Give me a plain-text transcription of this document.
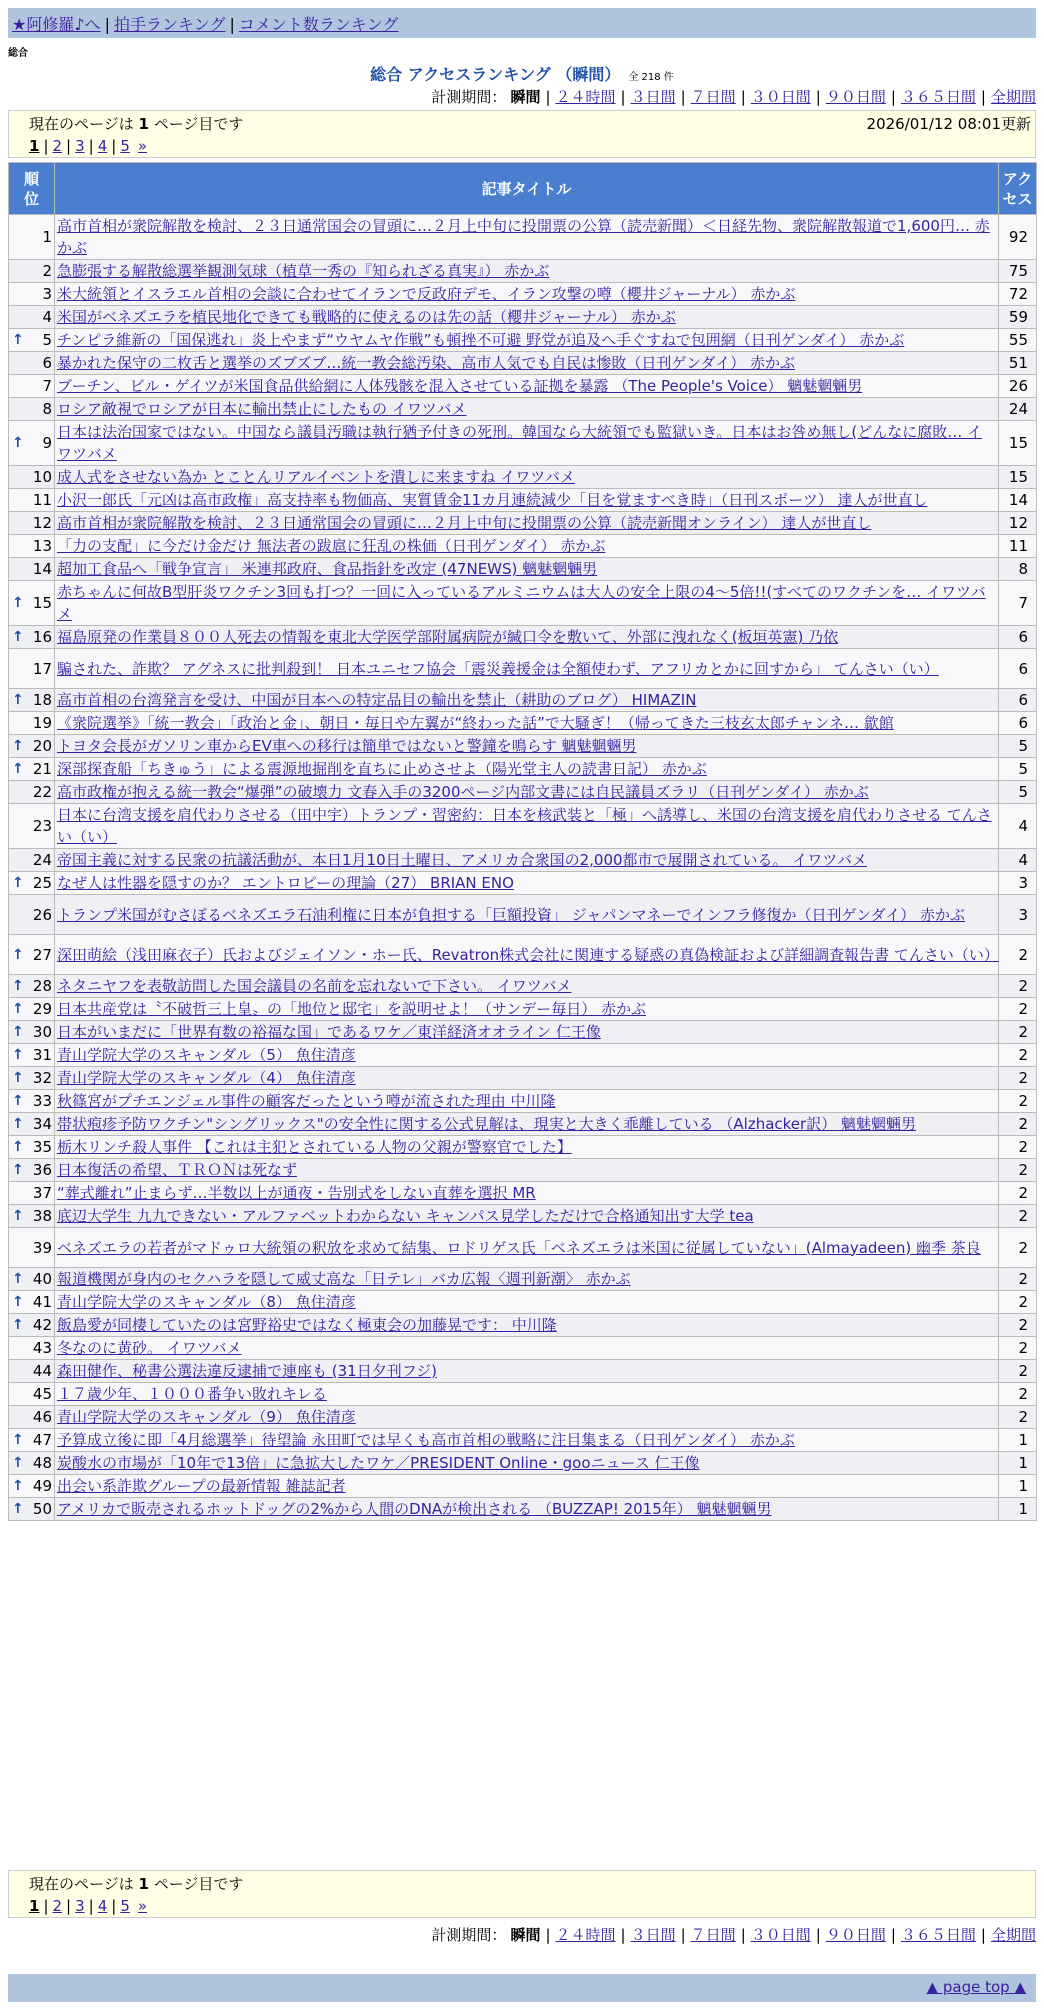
★阿修羅♪へ | 拍手ランキング | コメント数ランキング
総合
総合 アクセスランキング （瞬間） 全 218 件
計測期間： 瞬間 | ２４時間 | ３日間 | ７日間 | ３０日間 | ９０日間 | ３６５日間 | 全期間
現在のページは 1 ページ目です	2026/01/12 08:01更新
1 | 2 | 3 | 4 | 5 »
順位	記事タイトル	アクセス
1	高市首相が衆院解散を検討、２３日通常国会の冒頭に…２月上中旬に投開票の公算（読売新聞）＜日経先物、衆院解散報道で1,600円… 赤かぶ	92
2	急膨張する解散総選挙観測気球（植草一秀の『知られざる真実』） 赤かぶ	75
3	米大統領とイスラエル首相の会談に合わせてイランで反政府デモ、イラン攻撃の噂（櫻井ジャーナル） 赤かぶ	72
4	米国がベネズエラを植民地化できても戦略的に使えるのは先の話（櫻井ジャーナル） 赤かぶ	59

↑ 5	チンピラ維新の「国保逃れ」炎上やまず“ウヤムヤ作戦”も頓挫不可避 野党が追及へ手ぐすねで包囲網（日刊ゲンダイ） 赤かぶ	55
6	暴かれた保守の二枚舌と選挙のズブズブ…統一教会総汚染、高市人気でも自民は惨敗（日刊ゲンダイ） 赤かぶ	51
7	ブーチン、ビル・ゲイツが米国食品供給網に人体残骸を混入させている証拠を暴露 （The People's Voice） 魑魅魍魎男	26
8	ロシア敵視でロシアが日本に輸出禁止にしたもの イワツバメ	24

↑ 9	日本は法治国家ではない。中国なら議員汚職は執行猶予付きの死刑。韓国なら大統領でも監獄いき。日本はお咎め無し(どんなに腐敗… イワツバメ	15
10	成人式をさせない為か とことんリアルイベントを潰しに来ますね イワツバメ	15
11	小沢一郎氏「元凶は高市政権」高支持率も物価高、実質賃金11カ月連続減少「目を覚ますべき時」（日刊スポーツ） 達人が世直し	14
12	高市首相が衆院解散を検討、２３日通常国会の冒頭に…２月上中旬に投開票の公算（読売新聞オンライン） 達人が世直し	12
13	「力の支配」に今だけ金だけ 無法者の跋扈に狂乱の株価（日刊ゲンダイ） 赤かぶ	11
14	超加工食品へ「戦争宣言」 米連邦政府、食品指針を改定 (47NEWS) 魑魅魍魎男	8

↑ 15	赤ちゃんに何故B型肝炎ワクチン3回も打つ？一回に入っているアルミニウムは大人の安全上限の4～5倍!!(すべてのワクチンを… イワツバメ	7

↑ 16	福島原発の作業員８００人死去の情報を東北大学医学部附属病院が緘口令を敷いて、外部に洩れなく(板垣英憲) 乃依	6
17	騙された、詐欺？ アグネスに批判殺到！ 日本ユニセフ協会「震災義援金は全額使わず、アフリカとかに回すから」 てんさい（い）	6

↑ 18	高市首相の台湾発言を受け、中国が日本への特定品目の輸出を禁止（耕助のブログ） HIMAZIN	6
19	《衆院選挙》「統一教会」「政治と金」、朝日・毎日や左翼が“終わった話”で大騒ぎ！（帰ってきた三枝玄太郎チャンネ… 歙館	6

↑ 20	トヨタ会長がガソリン車からEV車への移行は簡単ではないと警鐘を鳴らす 魑魅魍魎男	5

↑ 21	深部探査船「ちきゅう」による震源地掘削を直ちに止めさせよ（陽光堂主人の読書日記） 赤かぶ	5
22	高市政権が抱える統一教会“爆弾”の破壊力 文春入手の3200ページ内部文書には自民議員ズラリ（日刊ゲンダイ） 赤かぶ	5
23	日本に台湾支援を肩代わりさせる（田中宇）トランプ・習密約：日本を核武装と「極」へ誘導し、米国の台湾支援を肩代わりさせる てんさい（い）	4
24	帝国主義に対する民衆の抗議活動が、本日1月10日土曜日、アメリカ合衆国の2,000都市で展開されている。 イワツバメ	4

↑ 25	なぜ人は性器を隠すのか？ エントロピーの理論（27） BRIAN ENO	3
26	トランプ米国がむさぼるベネズエラ石油利権に日本が負担する「巨額投資」 ジャパンマネーでインフラ修復か（日刊ゲンダイ） 赤かぶ	3

↑ 27	深田萌絵（浅田麻衣子）氏およびジェイソン・ホー氏、Revatron株式会社に関連する疑惑の真偽検証および詳細調査報告書 てんさい（い）	2

↑ 28	ネタニヤフを表敬訪問した国会議員の名前を忘れないで下さい。 イワツバメ	2

↑ 29	日本共産党は〝不破哲三上皇〟の「地位と邸宅」を説明せよ！（サンデー毎日） 赤かぶ	2

↑ 30	日本がいまだに「世界有数の裕福な国」であるワケ／東洋経済オオライン 仁王像	2

↑ 31	青山学院大学のスキャンダル（5） 魚住清彦	2

↑ 32	青山学院大学のスキャンダル（4） 魚住清彦	2

↑ 33	秋篠宮がプチエンジェル事件の顧客だったという噂が流された理由 中川隆	2

↑ 34	帯状疱疹予防ワクチン"シングリックス"の安全性に関する公式見解は、現実と大きく乖離している （Alzhacker訳） 魑魅魍魎男	2

↑ 35	栃木リンチ殺人事件 【これは主犯とされている人物の父親が警察官でした】	2

↑ 36	日本復活の希望、ＴＲＯＮは死なず	2
37	“葬式離れ”止まらず…半数以上が通夜・告別式をしない直葬を選択 MR	2

↑ 38	底辺大学生 九九できない・アルファベットわからない キャンパス見学しただけで合格通知出す大学 tea	2
39	ベネズエラの若者がマドゥロ大統領の釈放を求めて結集、ロドリゲス氏「ベネズエラは米国に従属していない」(Almayadeen) 幽季 茶良	2

↑ 40	報道機関が身内のセクハラを隠して威丈高な「日テレ」バカ広報〈週刊新潮〉 赤かぶ	2

↑ 41	青山学院大学のスキャンダル（8） 魚住清彦	2

↑ 42	飯島愛が同棲していたのは宮野裕史ではなく極東会の加藤晃です： 中川隆	2
43	冬なのに黄砂。 イワツバメ	2
44	森田健作、秘書公選法違反逮捕で連座も (31日夕刊フジ)	2
45	１７歳少年、１０００番争い敗れキレる	2
46	青山学院大学のスキャンダル（9） 魚住清彦	2

↑ 47	予算成立後に即「4月総選挙」待望論 永田町では早くも高市首相の戦略に注目集まる（日刊ゲンダイ） 赤かぶ	1

↑ 48	炭酸水の市場が「10年で13倍」に急拡大したワケ／PRESIDENT Online・gooニュース 仁王像	1

↑ 49	出会い系詐欺グループの最新情報 雑誌記者	1

↑ 50	アメリカで販売されるホットドッグの2%から人間のDNAが検出される （BUZZAP! 2015年） 魑魅魍魎男	1
現在のページは 1 ページ目です
1 | 2 | 3 | 4 | 5 »
計測期間： 瞬間 | ２４時間 | ３日間 | ７日間 | ３０日間 | ９０日間 | ３６５日間 | 全期間
▲ page top ▲
